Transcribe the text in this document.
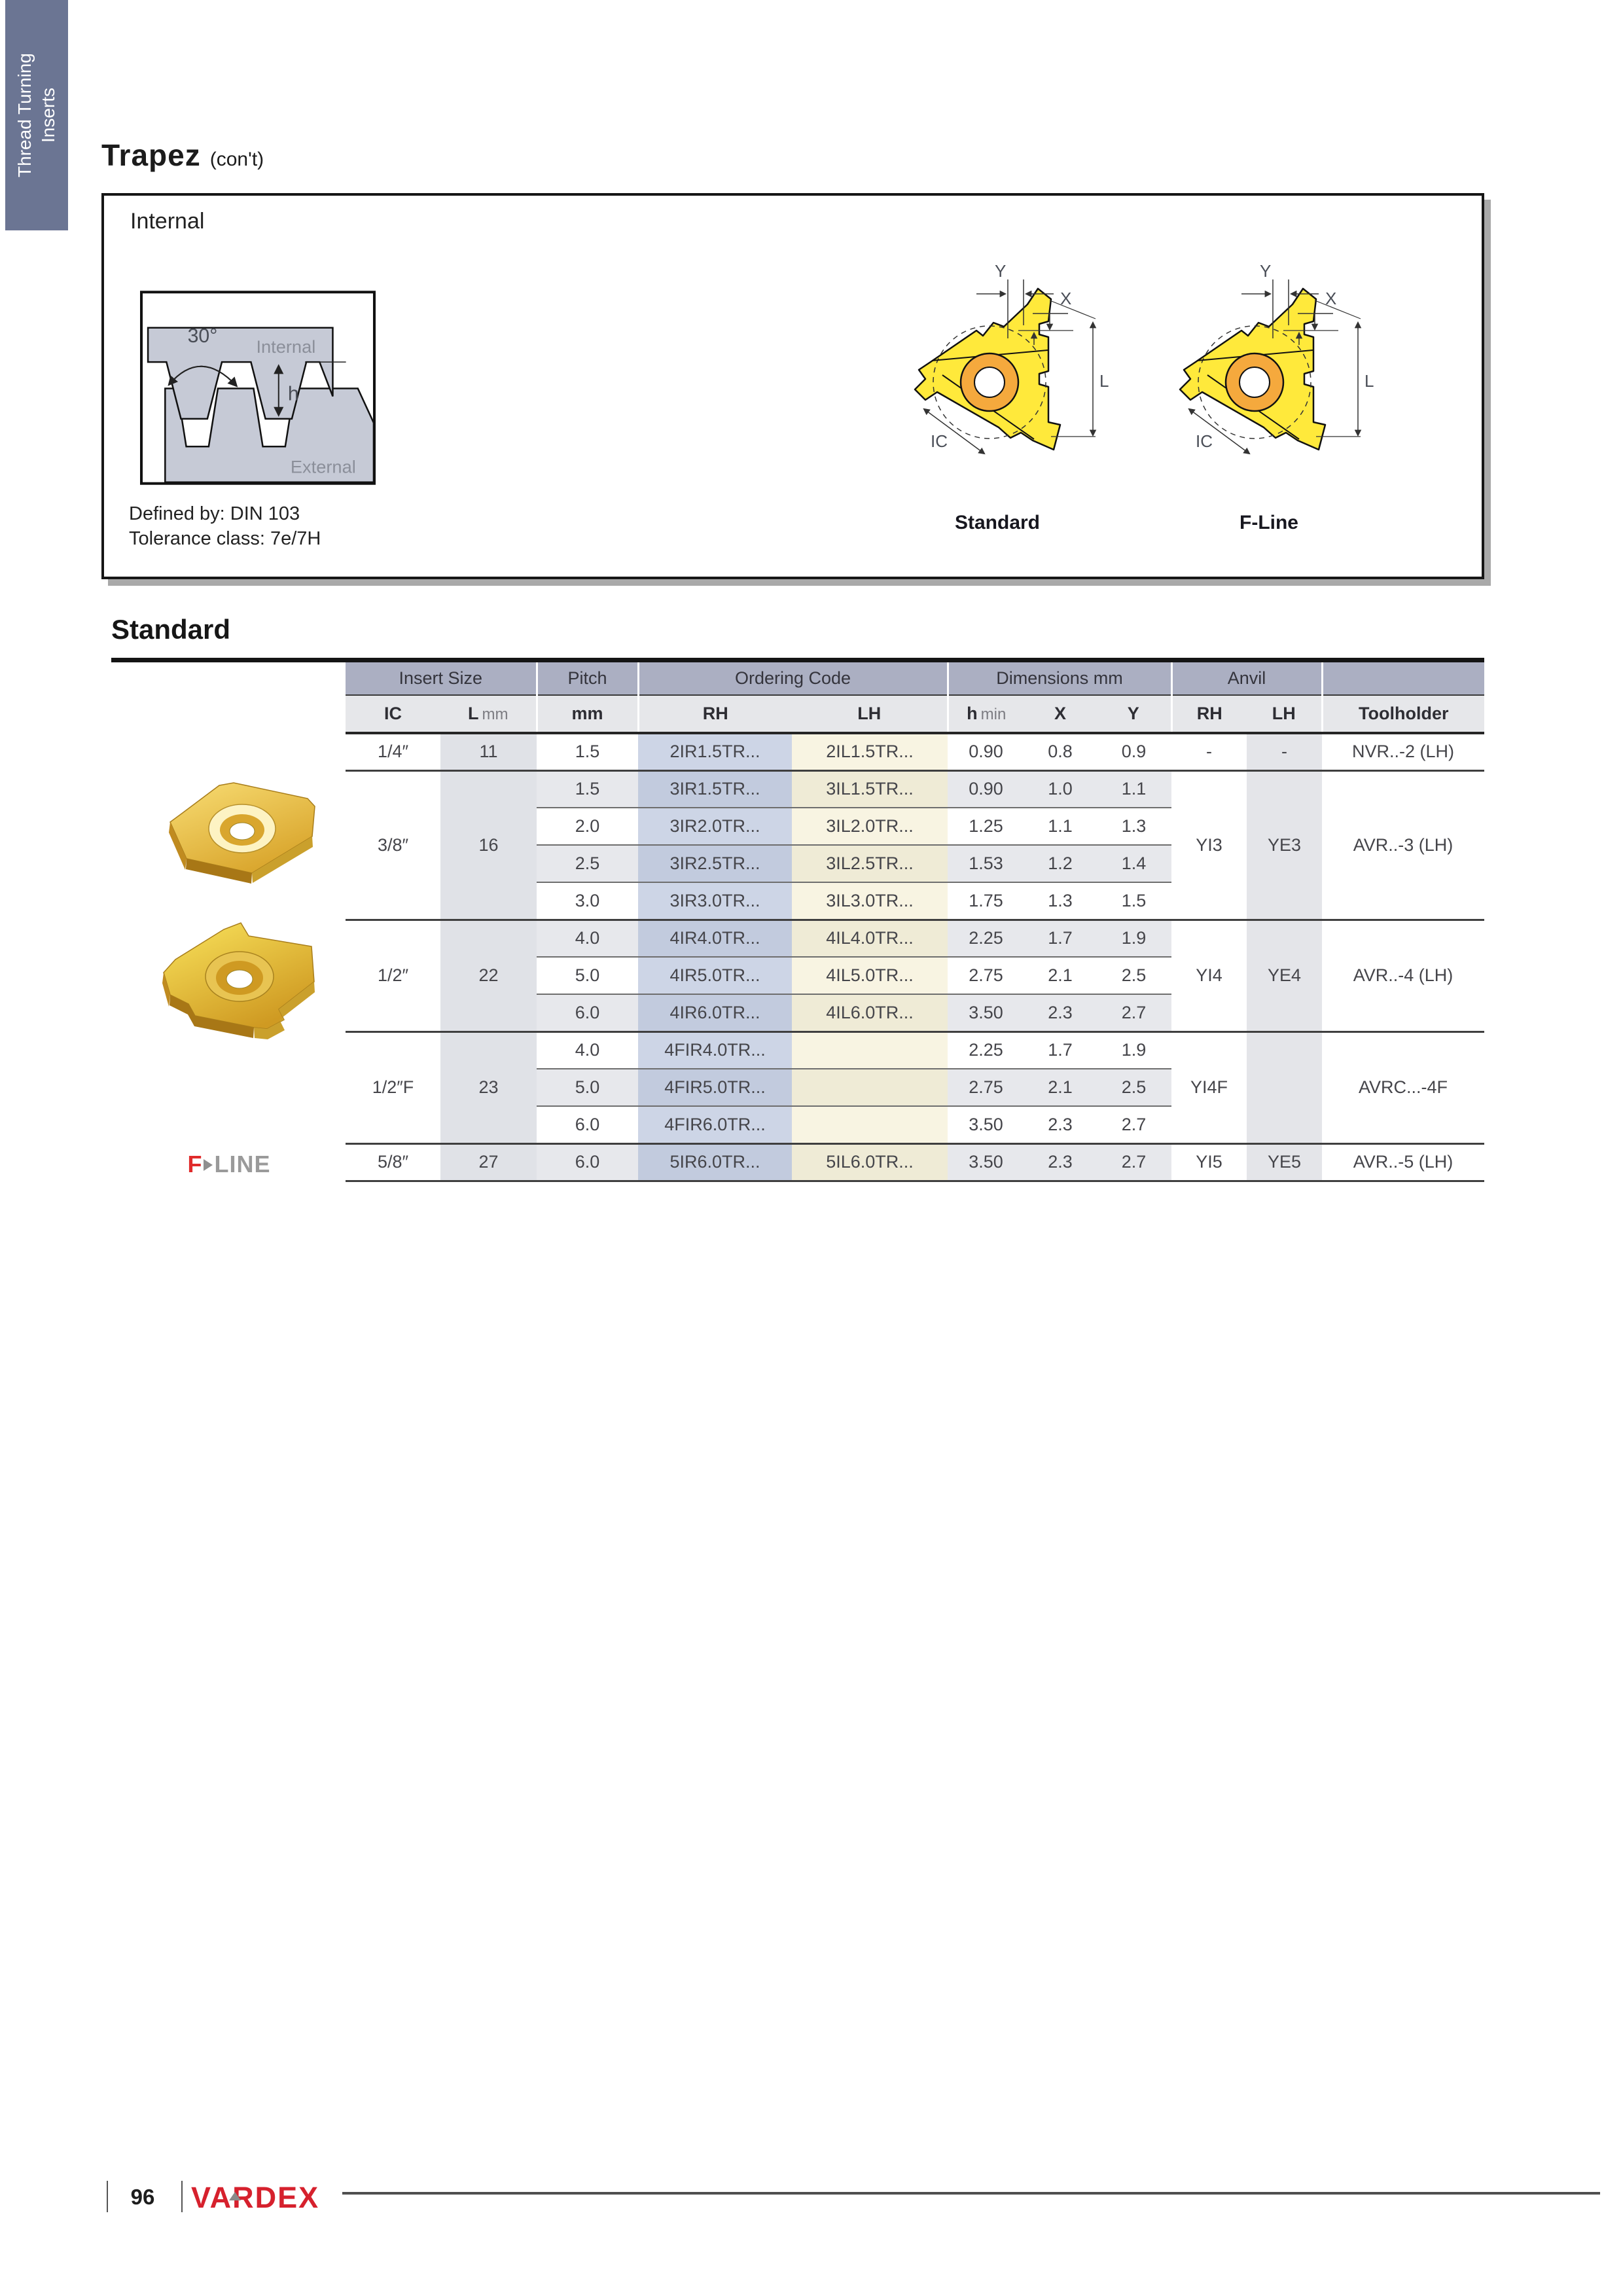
Thread Turning Inserts
Trapez (con't)
Internal
30° Internal
External
h
Defined by: DIN 103
Tolerance class: 7e/7H
Y
X
L
IC
Y
X
L
IC
Standard	F-Line
Standard
F LINE
Insert Size		Pitch	Ordering Code		Dimensions mm			Anvil		
IC	L mm	mm	RH	LH	h min	X	Y	RH	LH	Toolholder
1/4″	11	1.5	2IR1.5TR...	2IL1.5TR...	0.90	0.8	0.9	-	-	NVR..-2 (LH)
3/8″	16	1.5	3IR1.5TR...	3IL1.5TR...	0.90	1.0	1.1	YI3	YE3	AVR..-3 (LH)
		2.0	3IR2.0TR...	3IL2.0TR...	1.25	1.1	1.3			
		2.5	3IR2.5TR...	3IL2.5TR...	1.53	1.2	1.4			
		3.0	3IR3.0TR...	3IL3.0TR...	1.75	1.3	1.5			
1/2″	22	4.0	4IR4.0TR...	4IL4.0TR...	2.25	1.7	1.9	YI4	YE4	AVR..-4 (LH)
		5.0	4IR5.0TR...	4IL5.0TR...	2.75	2.1	2.5			
		6.0	4IR6.0TR...	4IL6.0TR...	3.50	2.3	2.7			
1/2″F	23	4.0	4FIR4.0TR...		2.25	1.7	1.9	YI4F		AVRC...-4F
		5.0	4FIR5.0TR...		2.75	2.1	2.5			
		6.0	4FIR6.0TR...		3.50	2.3	2.7			
5/8″	27	6.0	5IR6.0TR...	5IL6.0TR...	3.50	2.3	2.7	YI5	YE5	AVR..-5 (LH)
96	VARDEX
